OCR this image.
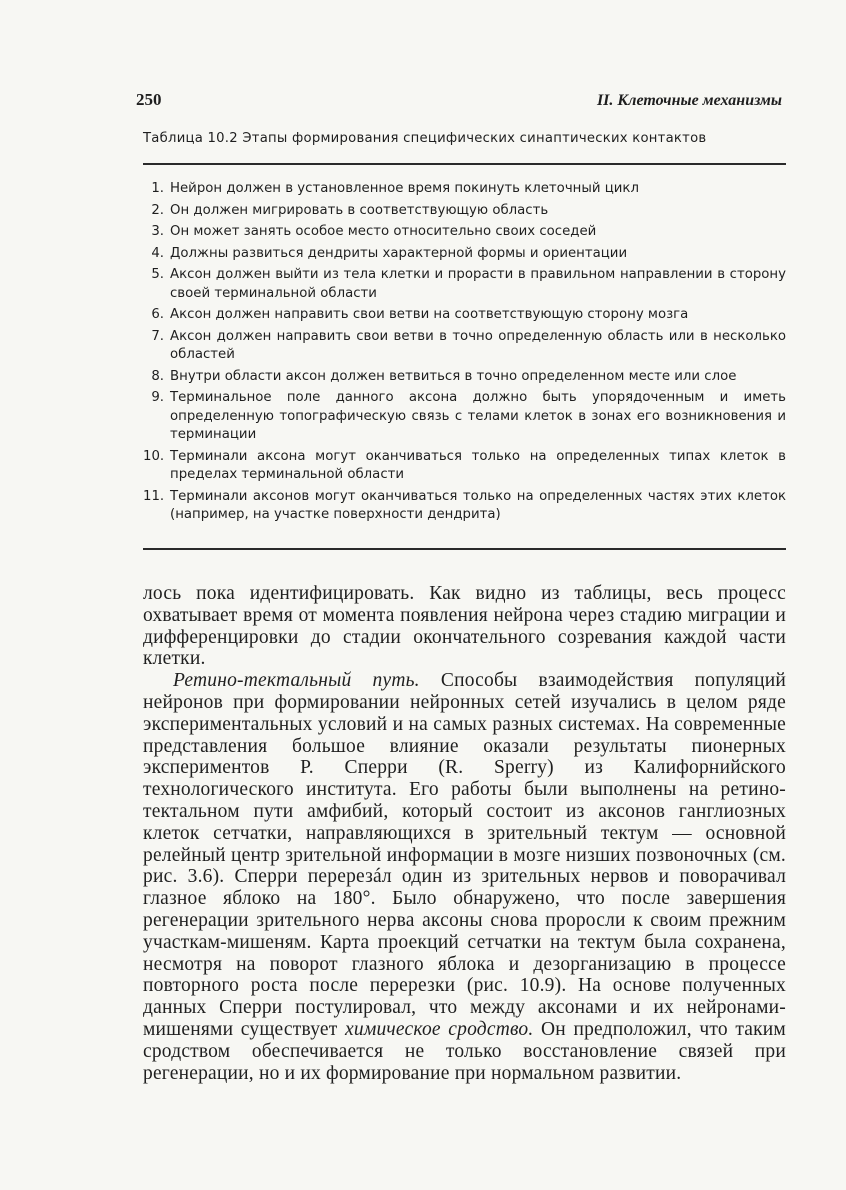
250	II. Клеточные механизмы
Таблица 10.2 Этапы формирования специфических синаптических контактов
1. Нейрон должен в установленное время покинуть клеточный цикл
2. Он должен мигрировать в соответствующую область
3. Он может занять особое место относительно своих соседей
4. Должны развиться дендриты характерной формы и ориентации
5. Аксон должен выйти из тела клетки и прорасти в правильном направлении в сторону своей терминальной области
6. Аксон должен направить свои ветви на соответствующую сторону мозга
7. Аксон должен направить свои ветви в точно определенную область или в несколько областей
8. Внутри области аксон должен ветвиться в точно определенном месте или слое
9. Терминальное поле данного аксона должно быть упорядоченным и иметь определенную топографическую связь с телами клеток в зонах его возникновения и терминации
10. Терминали аксона могут оканчиваться только на определенных типах клеток в пределах терминальной области
11. Терминали аксонов могут оканчиваться только на определенных частях этих клеток (например, на участке поверхности дендрита)

лось пока идентифицировать. Как видно из таблицы, весь процесс охватывает время от момента появления нейрона через стадию миграции и дифференцировки до стадии окончательного созревания каждой части клетки.

Ретино-тектальный путь. Способы взаимодействия популяций нейронов при формировании нейронных сетей изучались в целом ряде экспериментальных условий и на самых разных системах. На современные представления большое влияние оказали результаты пионерных экспериментов Р. Сперри (R. Sperry) из Калифорнийского технологического института. Его работы были выполнены на ретино-тектальном пути амфибий, который состоит из аксонов ганглиозных клеток сетчатки, направляющихся в зрительный тектум — основной релейный центр зрительной информации в мозге низших позвоночных (см. рис. 3.6). Сперри перерезáл один из зрительных нервов и поворачивал глазное яблоко на 180°. Было обнаружено, что после завершения регенерации зрительного нерва аксоны снова проросли к своим прежним участкам-мишеням. Карта проекций сетчатки на тектум была сохранена, несмотря на поворот глазного яблока и дезорганизацию в процессе повторного роста после перерезки (рис. 10.9). На основе полученных данных Сперри постулировал, что между аксонами и их нейронами-мишенями существует химическое сродство. Он предположил, что таким сродством обеспечивается не только восстановление связей при регенерации, но и их формирование при нормальном развитии.
